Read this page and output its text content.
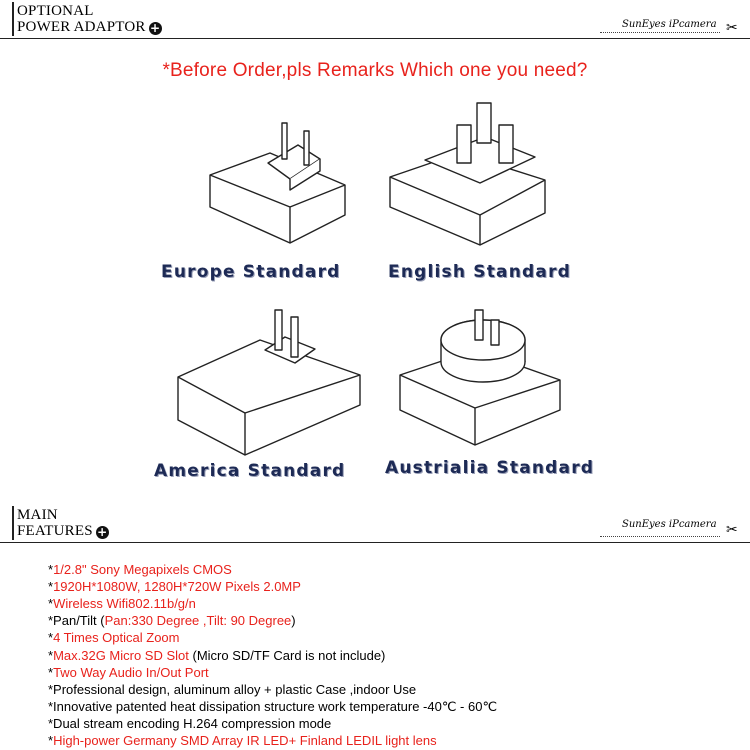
OPTIONAL
POWER ADAPTOR +	SunEyes iPcamera ✂
*Before Order,pls Remarks Which one you need?
Europe Standard	English Standard
America Standard Austrialia Standard
MAIN
FEATURES +
SunEyes iPcamera ✂
*1/2.8" Sony Megapixels CMOS
*1920H*1080W, 1280H*720W Pixels 2.0MP
*Wireless Wifi802.11b/g/n
*Pan/Tilt (Pan:330 Degree ,Tilt: 90 Degree)
*4 Times Optical Zoom
*Max.32G Micro SD Slot (Micro SD/TF Card is not include)
*Two Way Audio In/Out Port
*Professional design, aluminum alloy + plastic Case ,indoor Use
*Innovative patented heat dissipation structure work temperature -40℃ - 60℃
*Dual stream encoding H.264 compression mode
*High-power Germany SMD Array IR LED+ Finland LEDIL light lens
